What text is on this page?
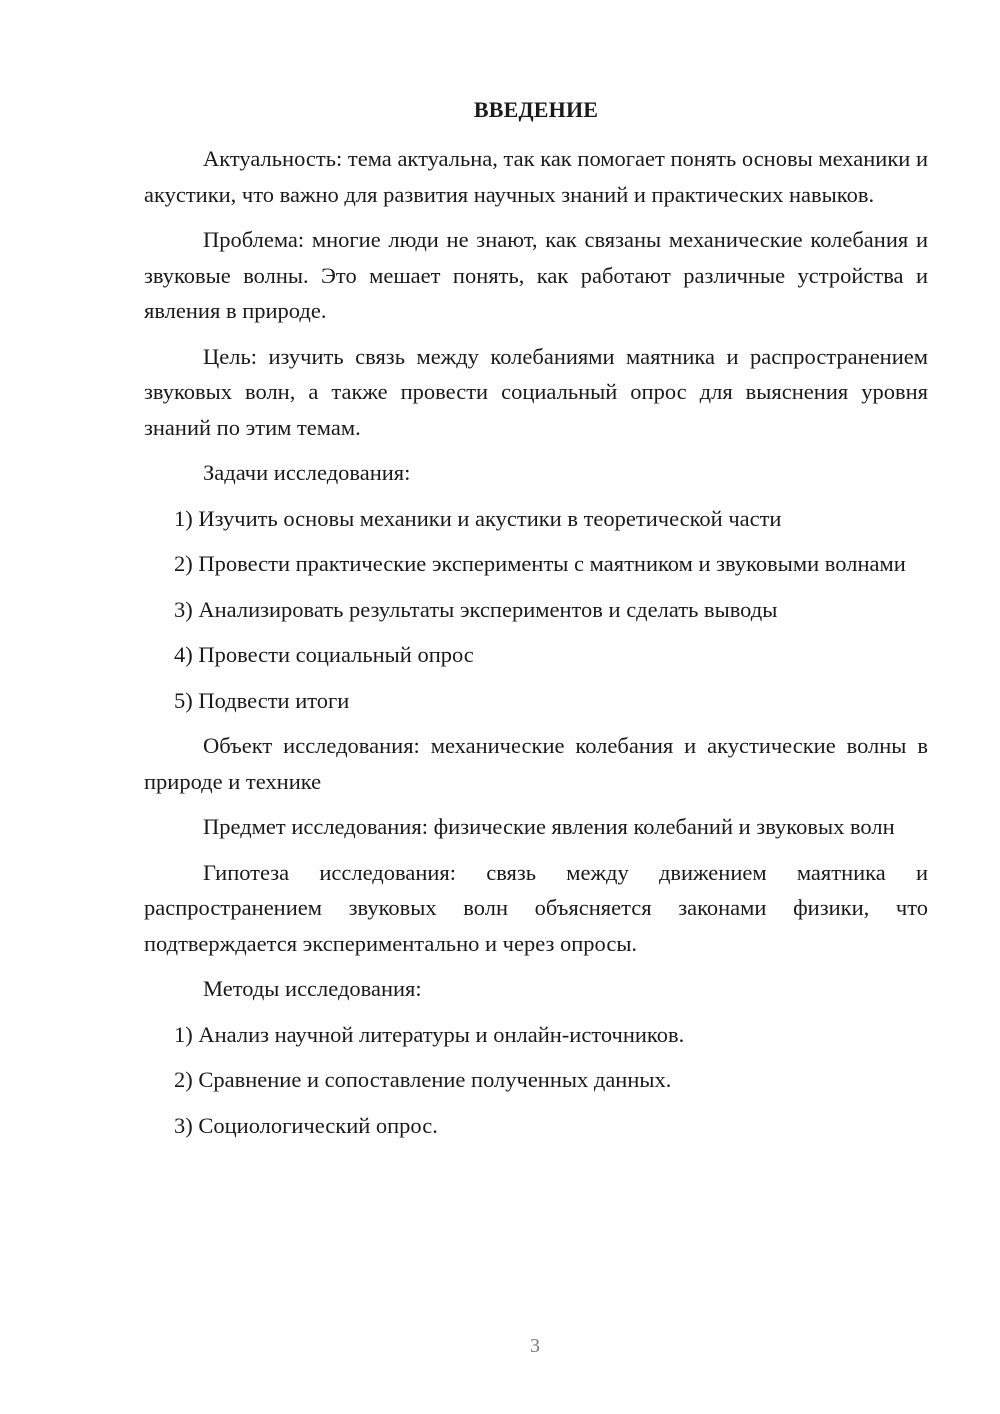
ВВЕДЕНИЕ

Актуальность: тема актуальна, так как помогает понять основы механики и акустики, что важно для развития научных знаний и практических навыков.

Проблема: многие люди не знают, как связаны механические колебания и звуковые волны. Это мешает понять, как работают различные устройства и явления в природе.

Цель: изучить связь между колебаниями маятника и распространением звуковых волн, а также провести социальный опрос для выяснения уровня знаний по этим темам.

Задачи исследования:

1) Изучить основы механики и акустики в теоретической части

2) Провести практические эксперименты с маятником и звуковыми волнами

3) Анализировать результаты экспериментов и сделать выводы

4) Провести социальный опрос

5) Подвести итоги

Объект исследования: механические колебания и акустические волны в природе и технике

Предмет исследования: физические явления колебаний и звуковых волн

Гипотеза исследования: связь между движением маятника и распространением звуковых волн объясняется законами физики, что подтверждается экспериментально и через опросы.

Методы исследования:

1) Анализ научной литературы и онлайн-источников.

2) Сравнение и сопоставление полученных данных.

3) Социологический опрос.

3
